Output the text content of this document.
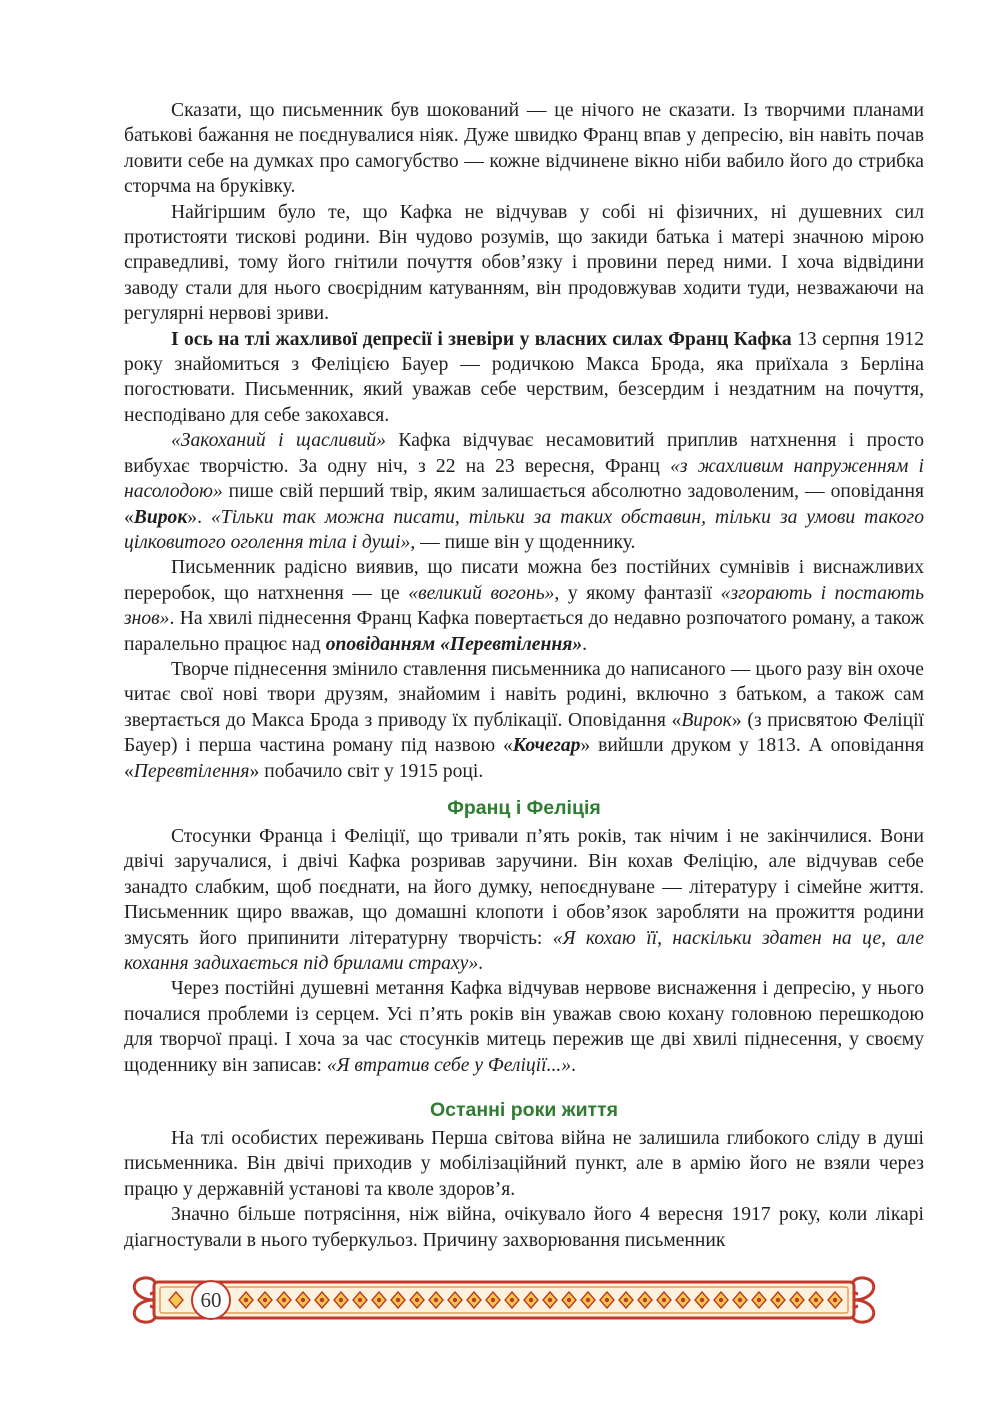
Сказати, що письменник був шокований — це нічого не сказати. Із творчими планами батькові бажання не поєднувалися ніяк. Дуже швидко Франц впав у депресію, він навіть почав ловити себе на думках про самогубство — кожне відчинене вікно ніби вабило його до стрибка сторчма на бруківку.

Найгіршим було те, що Кафка не відчував у собі ні фізичних, ні душевних сил протистояти тискові родини. Він чудово розумів, що закиди батька і матері значною мірою справедливі, тому його гнітили почуття обов’язку і провини перед ними. І хоча відвідини заводу стали для нього своєрідним катуванням, він продовжував ходити туди, незважаючи на регулярні нервові зриви.

І ось на тлі жахливої депресії і зневіри у власних силах Франц Кафка 13 серпня 1912 року знайомиться з Феліцією Бауер — родичкою Макса Брода, яка приїхала з Берліна погостювати. Письменник, який уважав себе черствим, безсердим і нездатним на почуття, несподівано для себе закохався.

«Закоханий і щасливий» Кафка відчуває несамовитий приплив натхнення і просто вибухає творчістю. За одну ніч, з 22 на 23 вересня, Франц «з жахливим напруженням і насолодою» пише свій перший твір, яким залишається абсолютно задоволеним, — оповідання «Вирок». «Тільки так можна писати, тільки за таких обставин, тільки за умови такого цілковитого оголення тіла і душі», — пише він у щоденнику.

Письменник радісно виявив, що писати можна без постійних сумнівів і виснажливих переробок, що натхнення — це «великий вогонь», у якому фантазії «згорають і постають знов». На хвилі піднесення Франц Кафка повертається до недавно розпочатого роману, а також паралельно працює над оповіданням «Перевтілення».

Творче піднесення змінило ставлення письменника до написаного — цього разу він охоче читає свої нові твори друзям, знайомим і навіть родині, включно з батьком, а також сам звертається до Макса Брода з приводу їх публікації. Оповідання «Вирок» (з присвятою Феліції Бауер) і перша частина роману під назвою «Кочегар» вийшли друком у 1813. А оповідання «Перевтілення» побачило світ у 1915 році.

Франц і Феліція

Стосунки Франца і Феліції, що тривали п’ять років, так нічим і не закінчилися. Вони двічі заручалися, і двічі Кафка розривав заручини. Він кохав Феліцію, але відчував себе занадто слабким, щоб поєднати, на його думку, непоєднуване — літературу і сімейне життя. Письменник щиро вважав, що домашні клопоти і обов’язок заробляти на прожиття родини змусять його припинити літературну творчість: «Я кохаю її, наскільки здатен на це, але кохання задихається під брилами страху».

Через постійні душевні метання Кафка відчував нервове виснаження і депресію, у нього почалися проблеми із серцем. Усі п’ять років він уважав свою кохану головною перешкодою для творчої праці. І хоча за час стосунків митець пережив ще дві хвилі піднесення, у своєму щоденнику він записав: «Я втратив себе у Феліції...».

Останні роки життя

На тлі особистих переживань Перша світова війна не залишила глибокого сліду в душі письменника. Він двічі приходив у мобілізаційний пункт, але в армію його не взяли через працю у державній установі та кволе здоров’я.

Значно більше потрясіння, ніж війна, очікувало його 4 вересня 1917 року, коли лікарі діагностували в нього туберкульоз. Причину захворювання письменник

60
